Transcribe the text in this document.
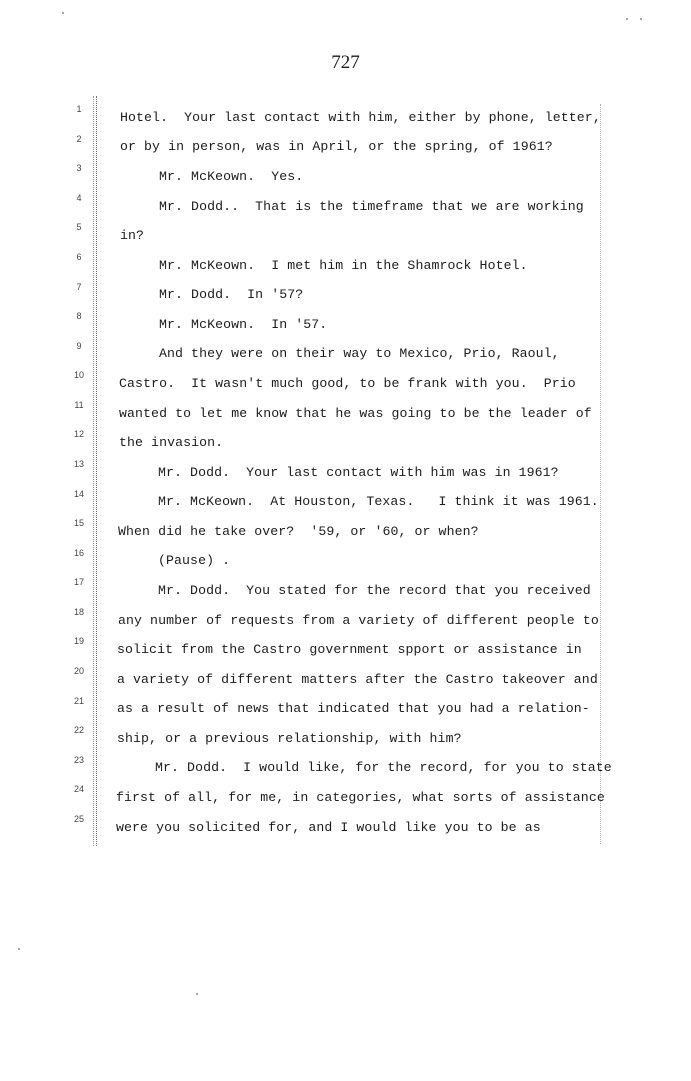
727
1
2
3
4
5
6
7
8
9
10
11
12
13
14
15
16
17
18
19
20
21
22
23
24
25
Hotel.  Your last contact with him, either by phone, letter,
or by in person, was in April, or the spring, of 1961?
Mr. McKeown.  Yes.
Mr. Dodd..  That is the timeframe that we are working
in?
Mr. McKeown.  I met him in the Shamrock Hotel.
Mr. Dodd.  In '57?
Mr. McKeown.  In '57.
And they were on their way to Mexico, Prio, Raoul,
Castro.  It wasn't much good, to be frank with you.  Prio
wanted to let me know that he was going to be the leader of
the invasion.
Mr. Dodd.  Your last contact with him was in 1961?
Mr. McKeown.  At Houston, Texas.   I think it was 1961.
When did he take over?  '59, or '60, or when?
(Pause) .
Mr. Dodd.  You stated for the record that you received
any number of requests from a variety of different people to
solicit from the Castro government spport or assistance in
a variety of different matters after the Castro takeover and
as a result of news that indicated that you had a relation-
ship, or a previous relationship, with him?
Mr. Dodd.  I would like, for the record, for you to state
first of all, for me, in categories, what sorts of assistance
were you solicited for, and I would like you to be as
